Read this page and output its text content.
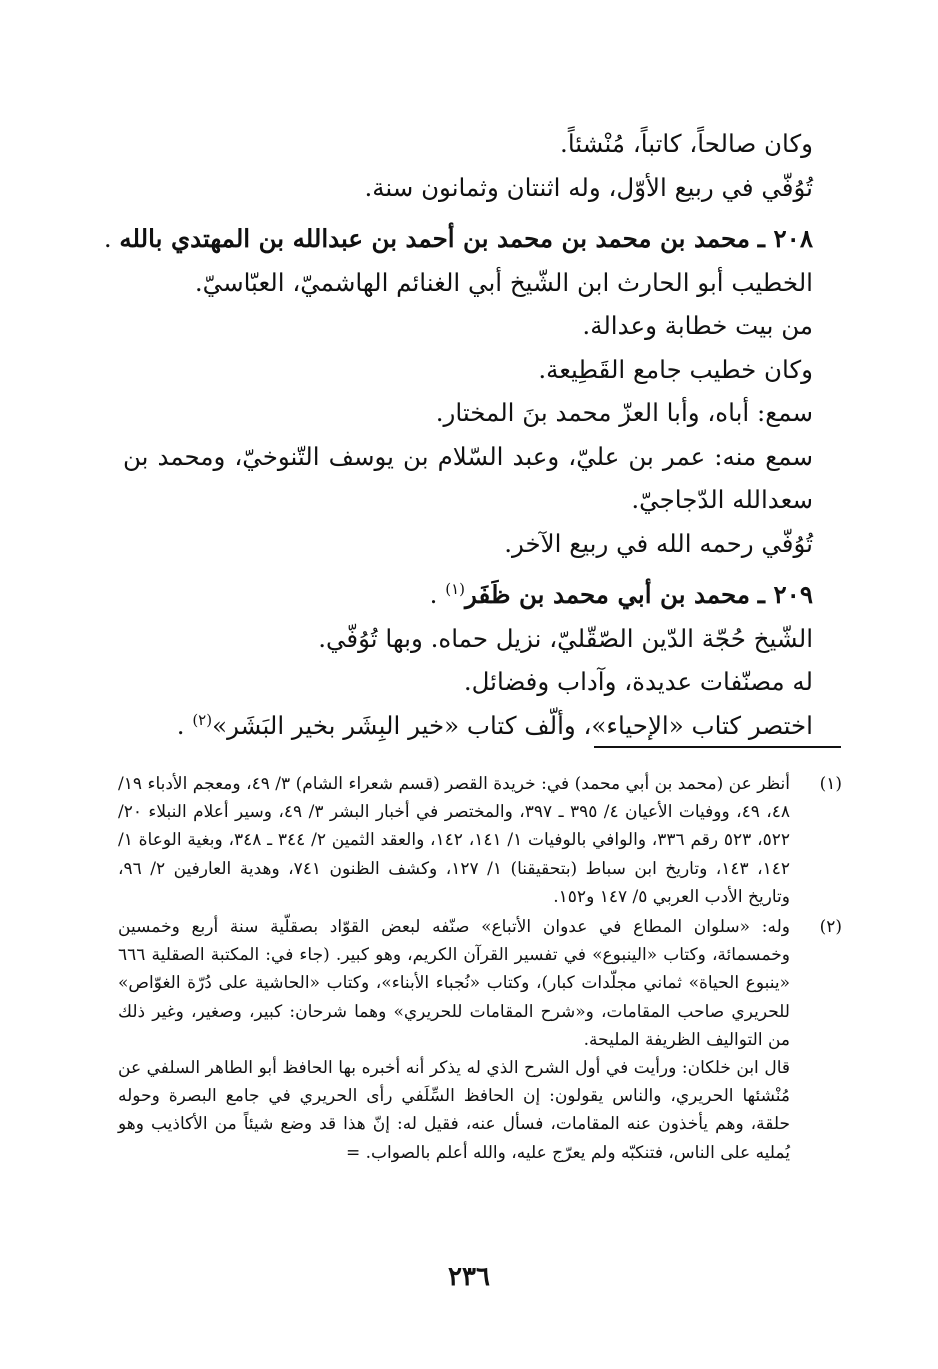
وكان صالحاً، كاتباً، مُنْشئاً.

تُوُفّي في ربيع الأوّل، وله اثنتان وثمانون سنة.

٢٠٨ ـ محمد بن محمد بن محمد بن أحمد بن عبدالله بن المهتدي بالله .

الخطيب أبو الحارث ابن الشّيخ أبي الغنائم الهاشميّ، العبّاسيّ.

من بيت خطابة وعدالة.

وكان خطيب جامع القَطِيعة.

سمع: أباه، وأبا العزّ محمد بنَ المختار.

سمع منه: عمر بن عليّ، وعبد السّلام بن يوسف التّنوخيّ، ومحمد بن سعدالله الدّجاجيّ.

تُوُفّي رحمه الله في ربيع الآخر.

٢٠٩ ـ محمد بن أبي محمد بن ظَفَر$^{(١)}$ .

الشّيخ حُجّة الدّين الصّقّليّ، نزيل حماه. وبها تُوُفّي.

له مصنّفات عديدة، وآداب وفضائل.

اختصر كتاب «الإحياء»، وألّف كتاب «خير البِشَر بخير البَشَر»$^{(٢)}$ .

(١)

أنظر عن (محمد بن أبي محمد) في: خريدة القصر (قسم شعراء الشام) ٣/ ٤٩، ومعجم الأدباء ١٩/ ٤٨، ٤٩، ووفيات الأعيان ٤/ ٣٩٥ ـ ٣٩٧، والمختصر في أخبار البشر ٣/ ٤٩، وسير أعلام النبلاء ٢٠/ ٥٢٢، ٥٢٣ رقم ٣٣٦، والوافي بالوفيات ١/ ١٤١، ١٤٢، والعقد الثمين ٢/ ٣٤٤ ـ ٣٤٨، وبغية الوعاة ١/ ١٤٢، ١٤٣، وتاريخ ابن سباط (بتحقيقنا) ١/ ١٢٧، وكشف الظنون ٧٤١، وهدية العارفين ٢/ ٩٦، وتاريخ الأدب العربي ٥/ ١٤٧ و١٥٢.

(٢)

وله: «سلوان المطاع في عدوان الأتباع» صنّفه لبعض القوّاد بصقلّية سنة أربع وخمسين وخمسمائة، وكتاب «الينبوع» في تفسير القرآن الكريم، وهو كبير. (جاء في: المكتبة الصقلية ٦٦٦ «ينبوع الحياة» ثماني مجلّدات كبار)، وكتاب «نُجباء الأبناء»، وكتاب «الحاشية على دُرّة الغوّاص» للحريري صاحب المقامات، و«شرح المقامات للحريري» وهما شرحان: كبير، وصغير، وغير ذلك من التواليف الظريفة المليحة.

قال ابن خلكان: ورأيت في أول الشرح الذي له يذكر أنه أخبره بها الحافظ أبو الطاهر السلفي عن مُنْشئها الحريري، والناس يقولون: إن الحافظ السِّلَفي رأى الحريري في جامع البصرة وحوله حلقة، وهم يأخذون عنه المقامات، فسأل عنه، فقيل له: إنّ هذا قد وضع شيئاً من الأكاذيب وهو يُمليه على الناس، فتنكبّه ولم يعرّج عليه، والله أعلم بالصواب. =

٢٣٦
